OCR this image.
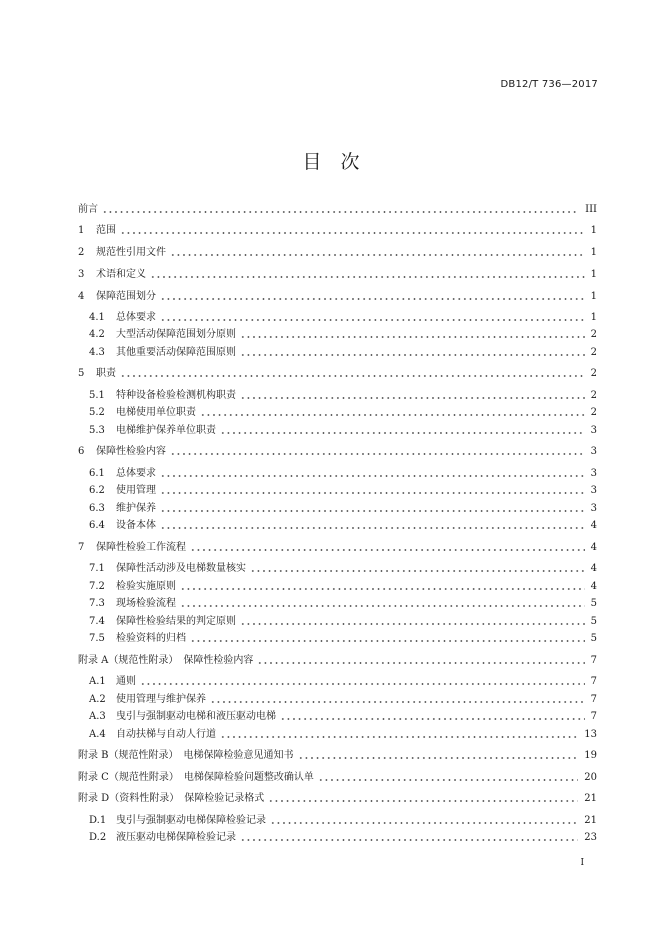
DB12/T 736—2017
目　次
前言	III
1	范围	1
2	规范性引用文件	1
3	术语和定义	1
4	保障范围划分	1
4.1	总体要求	1
4.2	大型活动保障范围划分原则	2
4.3	其他重要活动保障范围原则	2
5	职责	2
5.1	特种设备检验检测机构职责	2
5.2	电梯使用单位职责	2
5.3	电梯维护保养单位职责	3
6	保障性检验内容	3
6.1	总体要求	3
6.2	使用管理	3
6.3	维护保养	3
6.4	设备本体	4
7	保障性检验工作流程	4
7.1	保障性活动涉及电梯数量核实	4
7.2	检验实施原则	4
7.3	现场检验流程	5
7.4	保障性检验结果的判定原则	5
7.5	检验资料的归档	5
附录 A（规范性附录）　保障性检验内容	7
A.1	通则	7
A.2	使用管理与维护保养	7
A.3	曳引与强制驱动电梯和液压驱动电梯	7
A.4	自动扶梯与自动人行道	13
附录 B（规范性附录）　电梯保障检验意见通知书	19
附录 C（规范性附录）　电梯保障检验问题整改确认单	20
附录 D（资料性附录）　保障检验记录格式	21
D.1 曳引与强制驱动电梯保障检验记录	21
D.2 液压驱动电梯保障检验记录	23
I
